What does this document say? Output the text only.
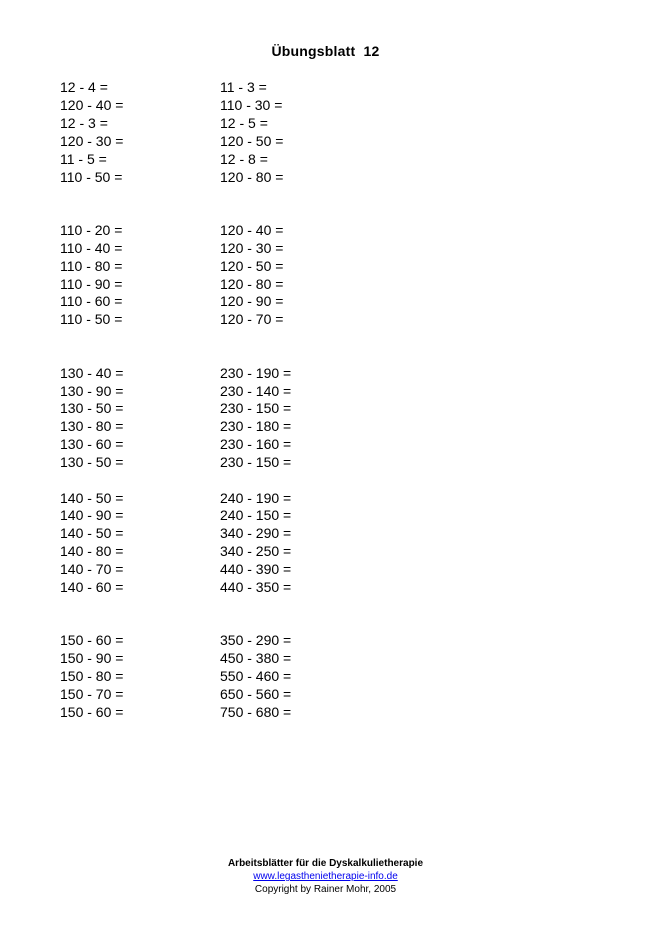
Übungsblatt  12
12 - 4 =	11 - 3 =
120 - 40 =	110 - 30 =
12 - 3 =	12 - 5 =
120 - 30 =	120 - 50 =
11 - 5 =	12 - 8 =
110 - 50 =	120 - 80 =
110 - 20 =	120 - 40 =
110 - 40 =	120 - 30 =
110 - 80 =	120 - 50 =
110 - 90 =	120 - 80 =
110 - 60 =	120 - 90 =
110 - 50 =	120 - 70 =
130 - 40 =	230 - 190 =
130 - 90 =	230 - 140 =
130 - 50 =	230 - 150 =
130 - 80 =	230 - 180 =
130 - 60 =	230 - 160 =
130 - 50 =	230 - 150 =
140 - 50 =	240 - 190 =
140 - 90 =	240 - 150 =
140 - 50 =	340 - 290 =
140 - 80 =	340 - 250 =
140 - 70 =	440 - 390 =
140 - 60 =	440 - 350 =
150 - 60 =	350 - 290 =
150 - 90 =	450 - 380 =
150 - 80 =	550 - 460 =
150 - 70 =	650 - 560 =
150 - 60 =	750 - 680 =
Arbeitsblätter für die Dyskalkulietherapie
www.legasthenietherapie-info.de
Copyright by Rainer Mohr, 2005
